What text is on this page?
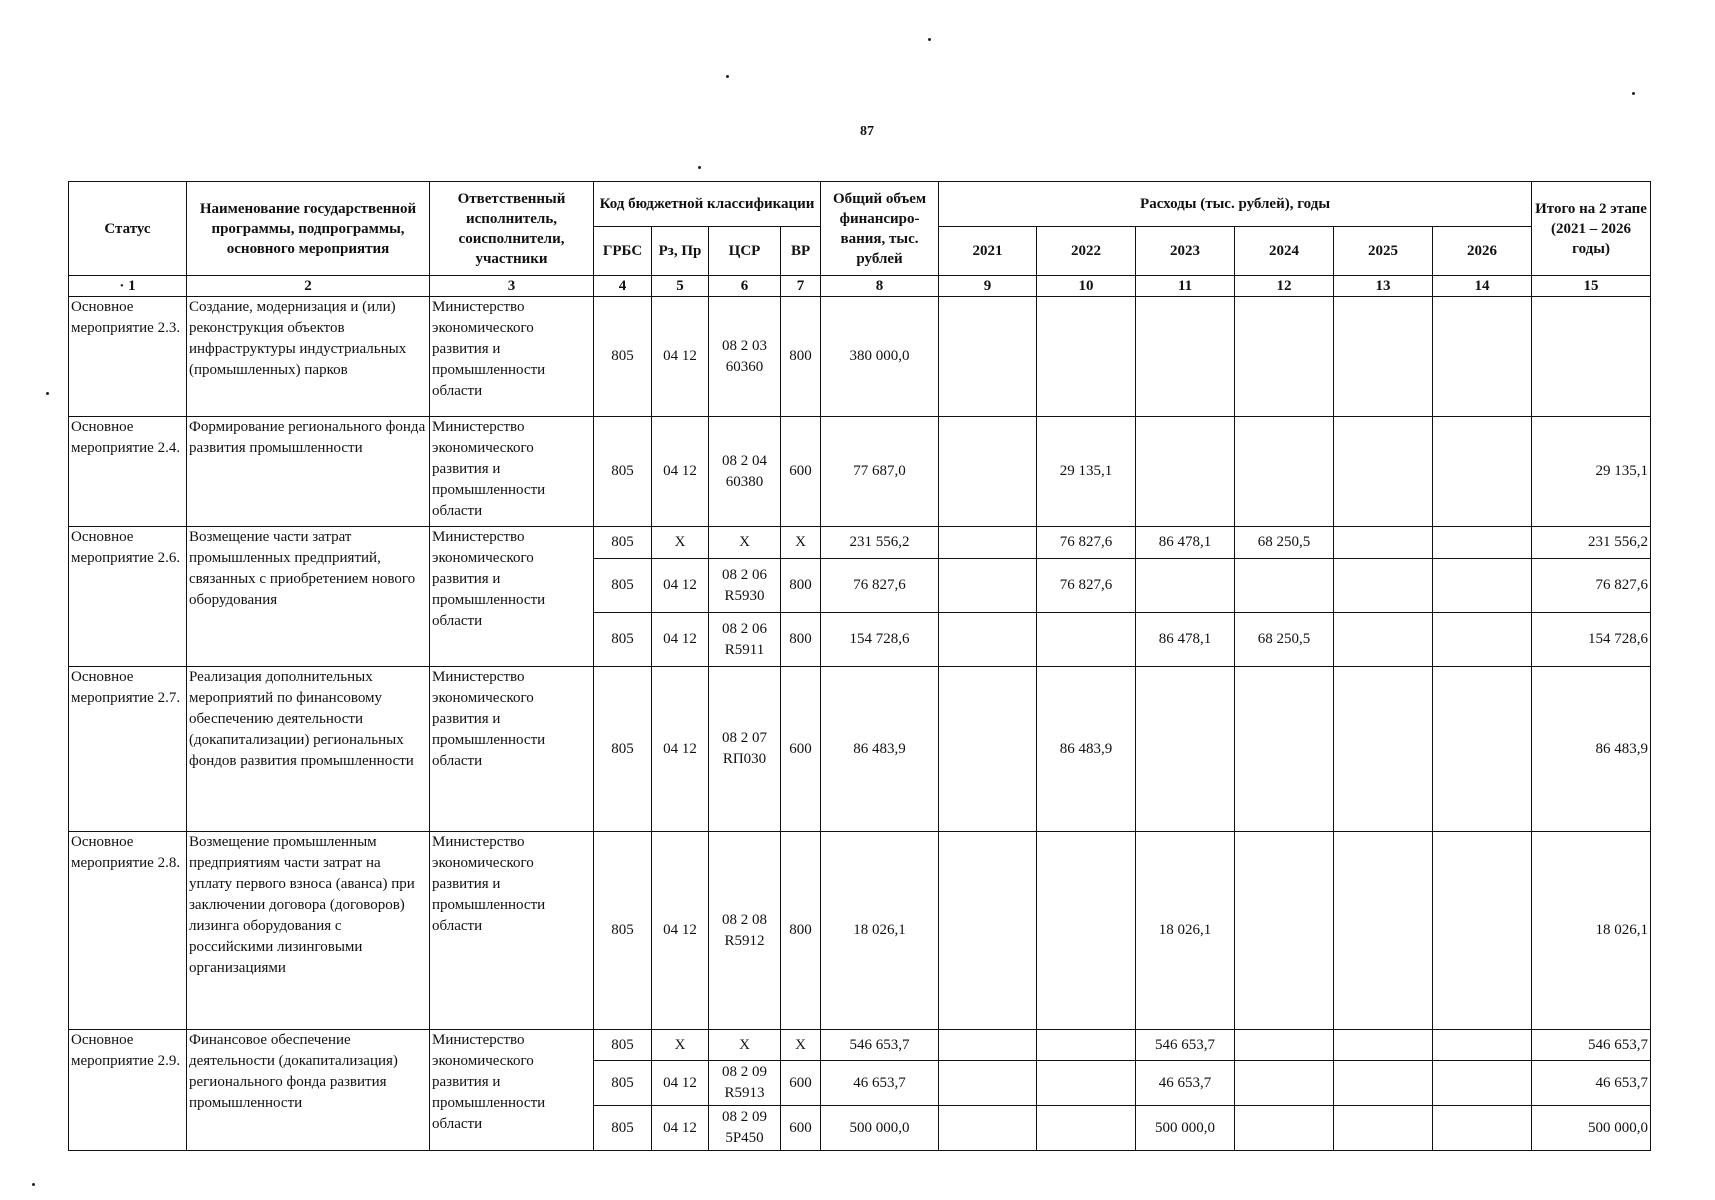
87
Статус	Наименование государственной программы, подпрограммы, основного мероприятия	Ответственный исполнитель, соисполнители, участники	Код бюджетной классификации				Общий объем финансиро-вания, тыс. рублей	Расходы (тыс. рублей), годы						Итого на 2 этапе (2021 – 2026 годы)
			ГРБС	Рз, Пр	ЦСР	ВР		2021	2022	2023	2024	2025	2026	
· 1	2	3	4	5	6	7	8	9	10	11	12	13	14	15
Основное мероприятие 2.3.	Создание, модернизация и (или) реконструкция объектов инфраструктуры индустриальных (промышленных) парков	Министерство экономического развития и промышленности области	805	04 12	08 2 03 60360	800	380 000,0							
Основное мероприятие 2.4.	Формирование регионального фонда развития промышленности	Министерство экономического развития и промышленности области	805	04 12	08 2 04 60380	600	77 687,0		29 135,1					29 135,1
Основное мероприятие 2.6.	Возмещение части затрат промышленных предприятий, связанных с приобретением нового оборудования	Министерство экономического развития и промышленности области	805	Х	Х	Х	231 556,2		76 827,6	86 478,1	68 250,5			231 556,2
			805	04 12	08 2 06 R5930	800	76 827,6		76 827,6					76 827,6
			805	04 12	08 2 06 R5911	800	154 728,6			86 478,1	68 250,5			154 728,6
Основное мероприятие 2.7.	Реализация дополнительных мероприятий по финансовому обеспечению деятельности (докапитализации) региональных фондов развития промышленности	Министерство экономического развития и промышленности области	805	04 12	08 2 07 RП030	600	86 483,9		86 483,9					86 483,9
Основное мероприятие 2.8.	Возмещение промышленным предприятиям части затрат на уплату первого взноса (аванса) при заключении договора (договоров) лизинга оборудования с российскими лизинговыми организациями	Министерство экономического развития и промышленности области	805	04 12	08 2 08 R5912	800	18 026,1			18 026,1				18 026,1
Основное мероприятие 2.9.	Финансовое обеспечение деятельности (докапитализация) регионального фонда развития промышленности	Министерство экономического развития и промышленности области	805	Х	Х	Х	546 653,7			546 653,7				546 653,7
			805	04 12	08 2 09 R5913	600	46 653,7			46 653,7				46 653,7
			805	04 12	08 2 09 5P450	600	500 000,0			500 000,0				500 000,0
